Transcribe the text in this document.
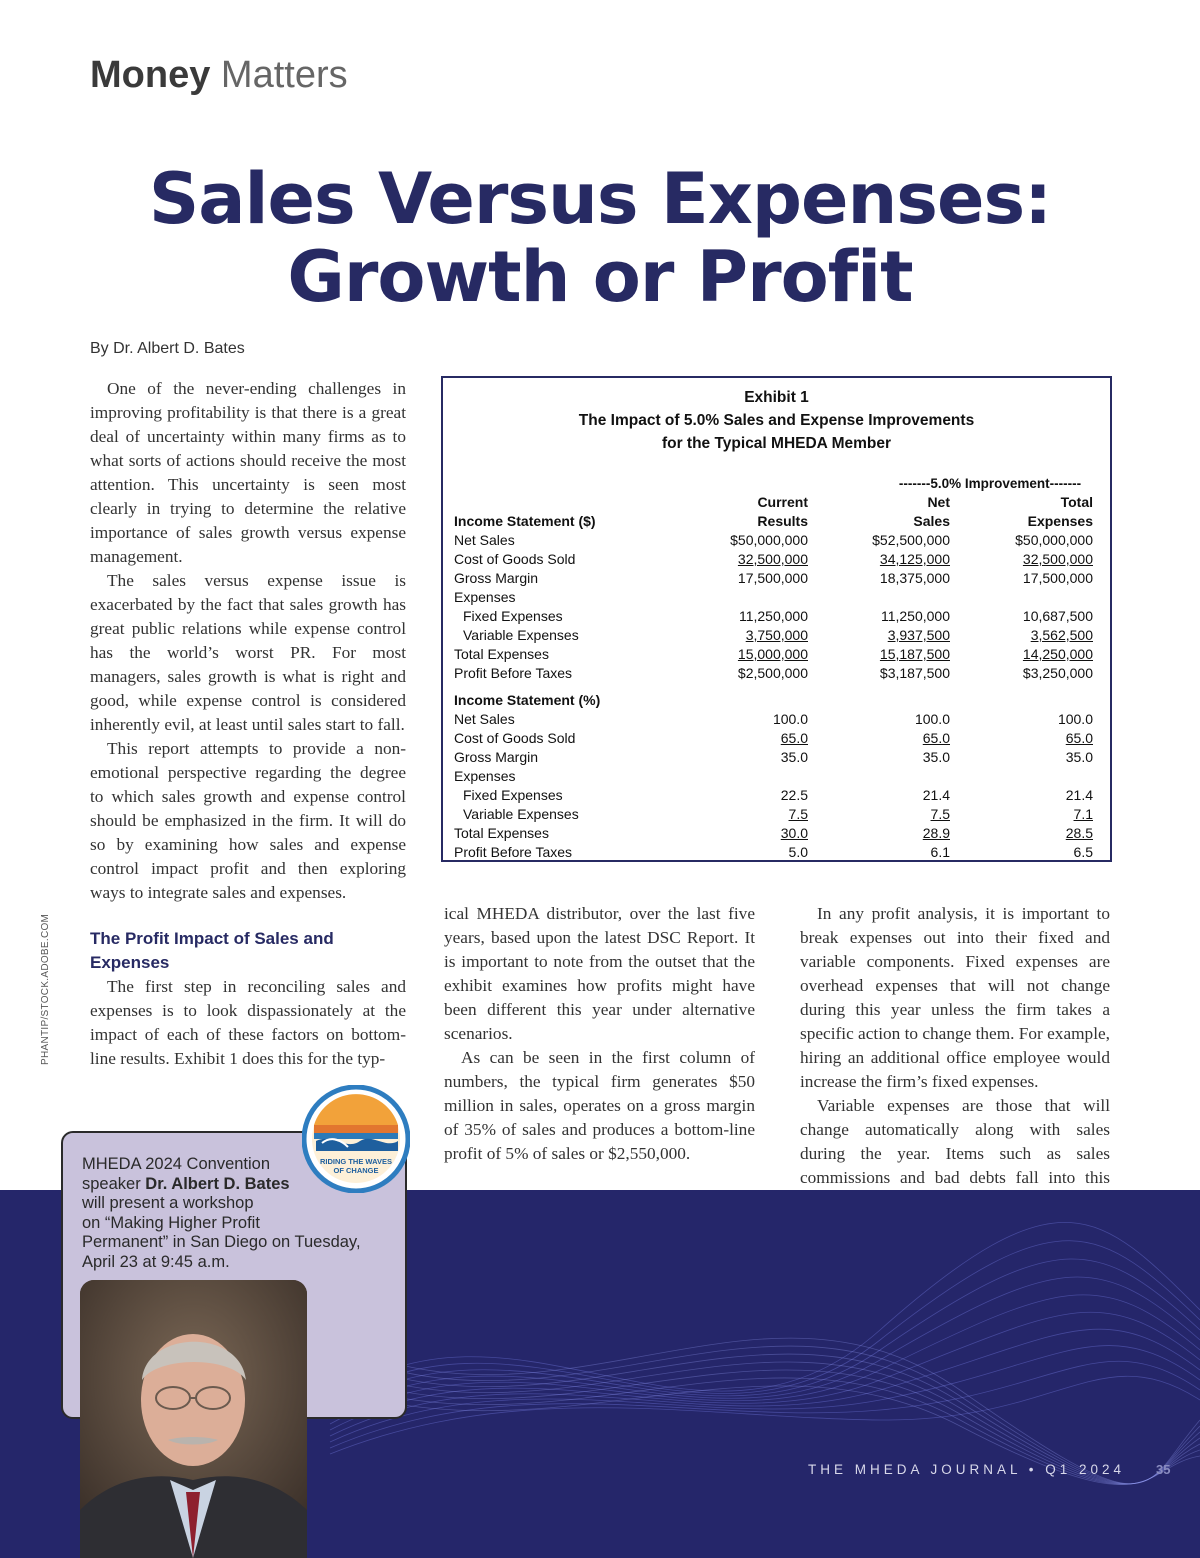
Money Matters
Sales Versus Expenses:
Growth or Profit
By Dr. Albert D. Bates

One of the never-ending challenges in improving profitability is that there is a great deal of uncertainty within many firms as to what sorts of actions should receive the most attention. This uncertainty is seen most clearly in trying to determine the relative importance of sales growth versus expense management.

The sales versus expense issue is exacerbated by the fact that sales growth has great public relations while expense control has the world’s worst PR. For most managers, sales growth is what is right and good, while expense control is considered inherently evil, at least until sales start to fall.

This report attempts to provide a non-emotional perspective regarding the degree to which sales growth and expense control should be emphasized in the firm. It will do so by examining how sales and expense control impact profit and then exploring ways to integrate sales and expenses.

The Profit Impact of Sales and Expenses

The first step in reconciling sales and expenses is to look dispassionately at the impact of each of these factors on bottom-line results. Exhibit 1 does this for the typ-

ical MHEDA distributor, over the last five years, based upon the latest DSC Report. It is important to note from the outset that the exhibit examines how profits might have been different this year under alternative scenarios.

As can be seen in the first column of numbers, the typical firm generates $50 million in sales, operates on a gross margin of 35% of sales and produces a bottom-line profit of 5% of sales or $2,550,000.

In any profit analysis, it is important to break expenses out into their fixed and variable components. Fixed expenses are overhead expenses that will not change during this year unless the firm takes a specific action to change them. For example, hiring an additional office employee would increase the firm’s fixed expenses.

Variable expenses are those that will change automatically along with sales during the year. Items such as sales commissions and bad debts fall into this

PHANTIP/STOCK.ADOBE.COM
Exhibit 1
The Impact of 5.0% Sales and Expense Improvements
for the Typical MHEDA Member
-------5.0% Improvement-------
Current	Net	Total
Income Statement ($)	Results	Sales	Expenses
Net Sales	$50,000,000	$52,500,000	$50,000,000
Cost of Goods Sold	32,500,000	34,125,000	32,500,000
Gross Margin	17,500,000	18,375,000	17,500,000
Expenses
Fixed Expenses	11,250,000	11,250,000	10,687,500
Variable Expenses	3,750,000	3,937,500	3,562,500
Total Expenses	15,000,000	15,187,500	14,250,000
Profit Before Taxes	$2,500,000	$3,187,500	$3,250,000
Income Statement (%)
Net Sales	100.0	100.0	100.0
Cost of Goods Sold	65.0	65.0	65.0
Gross Margin	35.0	35.0	35.0
Expenses
Fixed Expenses	22.5	21.4	21.4
Variable Expenses	7.5	7.5	7.1
Total Expenses	30.0	28.9	28.5
Profit Before Taxes	5.0	6.1	6.5
MHEDA 2024 Convention
speaker Dr. Albert D. Bates
will present a workshop
on “Making Higher Profit
Permanent” in San Diego on Tuesday,
April 23 at 9:45 a.m.
RIDING THE WAVES
OF CHANGE
THE MHEDA JOURNAL • Q1 2024 35
